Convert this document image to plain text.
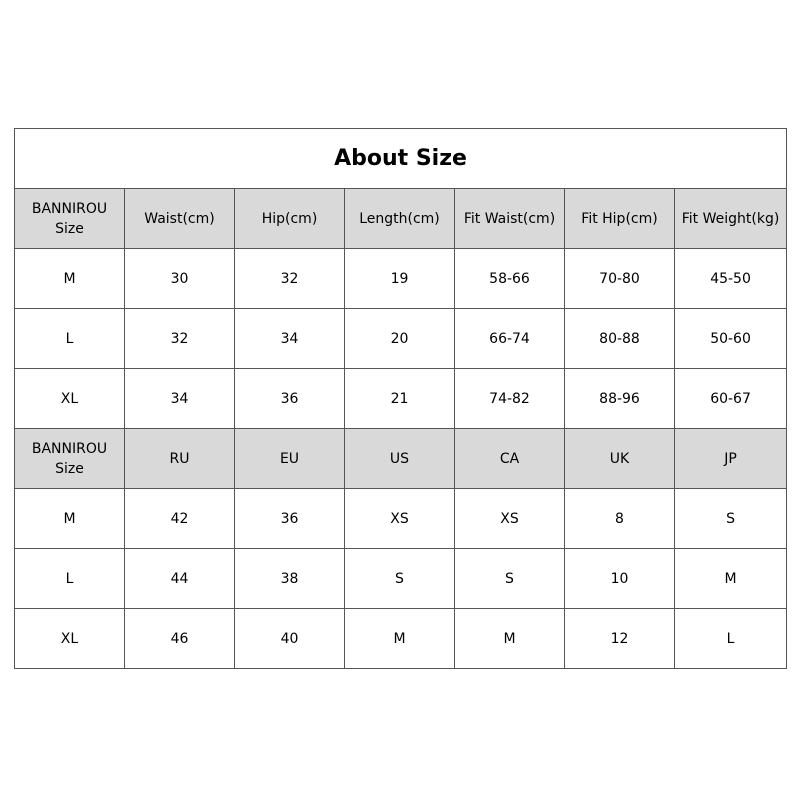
About Size						

BANNIROU
Size	Waist(cm)	Hip(cm)	Length(cm)	Fit Waist(cm)	Fit Hip(cm)	Fit Weight(kg)
M	30	32	19	58-66	70-80	45-50
L	32	34	20	66-74	80-88	50-60
XL	34	36	21	74-82	88-96	60-67

BANNIROU
Size	RU	EU	US	CA	UK	JP
M	42	36	XS	XS	8	S
L	44	38	S	S	10	M
XL	46	40	M	M	12	L
